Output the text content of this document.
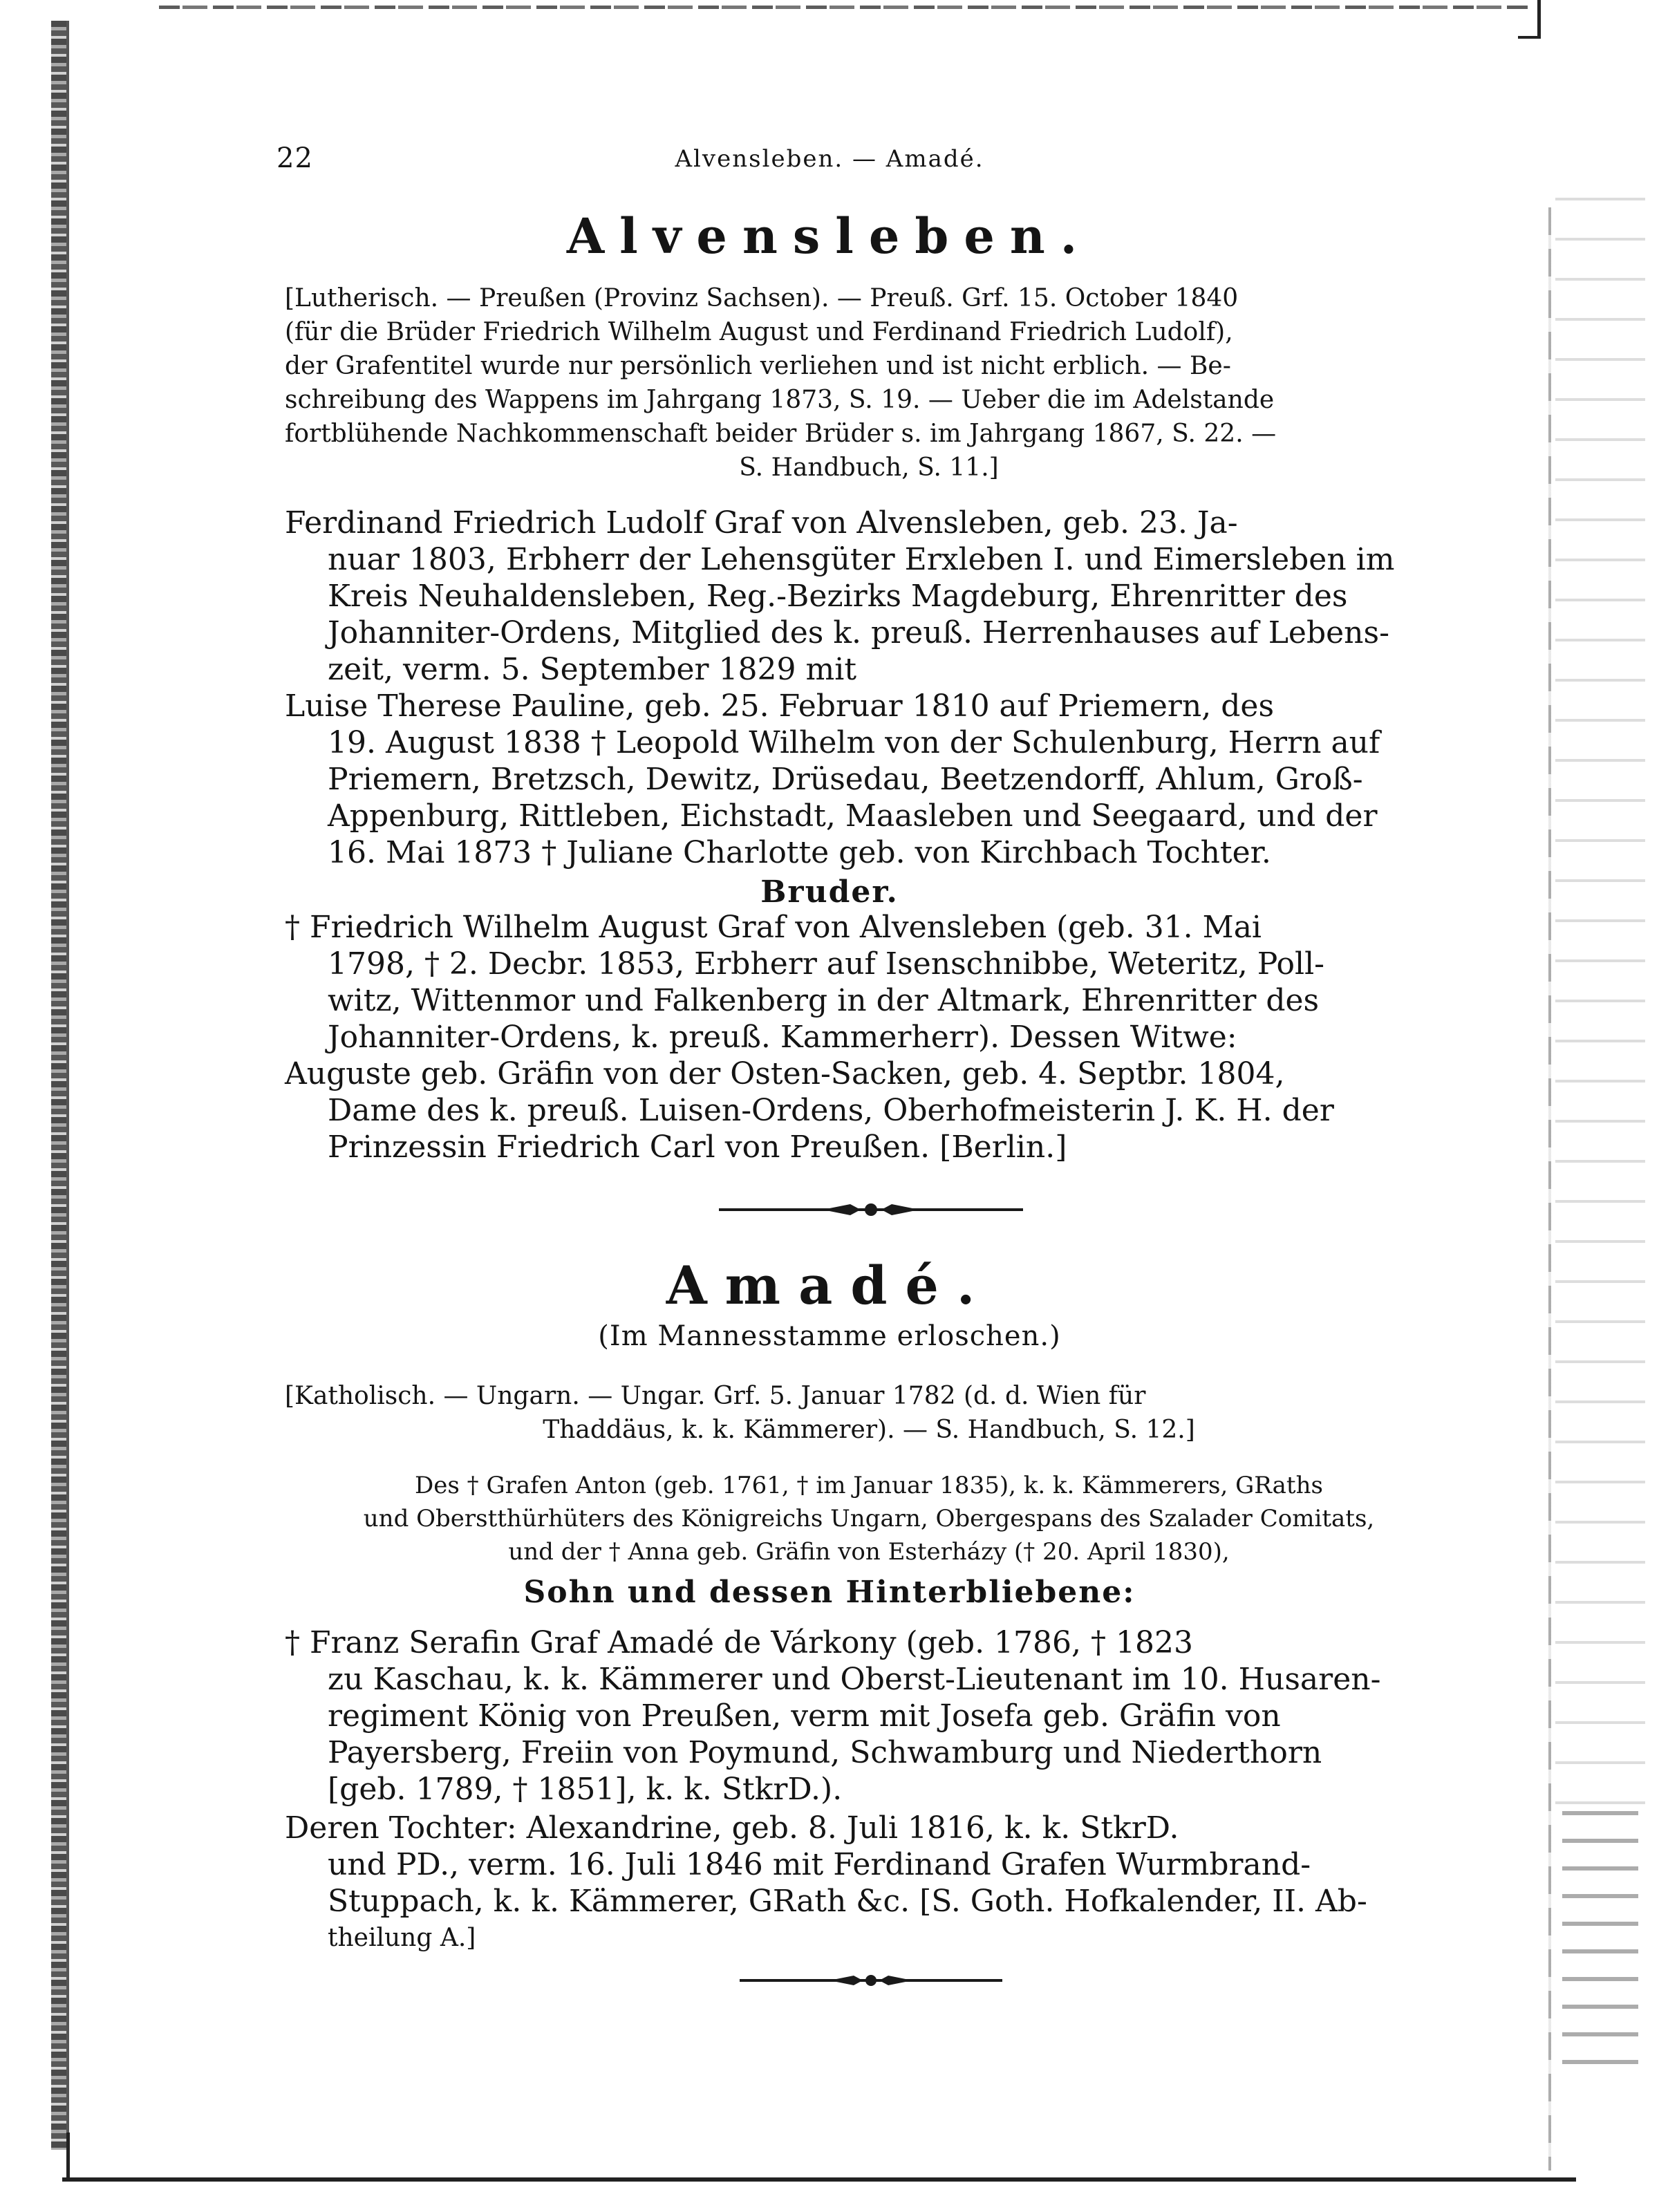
22	Alvensleben. — Amadé.
Alvensleben.
[Lutherisch. — Preußen (Provinz Sachsen). — Preuß. Grf. 15. October 1840
(für die Brüder Friedrich Wilhelm August und Ferdinand Friedrich Ludolf),
der Grafentitel wurde nur persönlich verliehen und ist nicht erblich. — Be-
schreibung des Wappens im Jahrgang 1873, S. 19. — Ueber die im Adelstande
fortblühende Nachkommenschaft beider Brüder s. im Jahrgang 1867, S. 22. —
S. Handbuch, S. 11.]
Ferdinand Friedrich Ludolf Graf von Alvensleben, geb. 23. Ja-
nuar 1803, Erbherr der Lehensgüter Erxleben I. und Eimersleben im
Kreis Neuhaldensleben, Reg.-Bezirks Magdeburg, Ehrenritter des
Johanniter-Ordens, Mitglied des k. preuß. Herrenhauses auf Lebens-
zeit, verm. 5. September 1829 mit
Luise Therese Pauline, geb. 25. Februar 1810 auf Priemern, des
19. August 1838 † Leopold Wilhelm von der Schulenburg, Herrn auf
Priemern, Bretzsch, Dewitz, Drüsedau, Beetzendorff, Ahlum, Groß-
Appenburg, Rittleben, Eichstadt, Maasleben und Seegaard, und der
16. Mai 1873 † Juliane Charlotte geb. von Kirchbach Tochter.
Bruder.
† Friedrich Wilhelm August Graf von Alvensleben (geb. 31. Mai
1798, † 2. Decbr. 1853, Erbherr auf Isenschnibbe, Weteritz, Poll-
witz, Wittenmor und Falkenberg in der Altmark, Ehrenritter des
Johanniter-Ordens, k. preuß. Kammerherr). Dessen Witwe:
Auguste geb. Gräfin von der Osten-Sacken, geb. 4. Septbr. 1804,
Dame des k. preuß. Luisen-Ordens, Oberhofmeisterin J. K. H. der
Prinzessin Friedrich Carl von Preußen. [Berlin.]
Amadé.
(Im Mannesstamme erloschen.)
[Katholisch. — Ungarn. — Ungar. Grf. 5. Januar 1782 (d. d. Wien für
Thaddäus, k. k. Kämmerer). — S. Handbuch, S. 12.]
Des † Grafen Anton (geb. 1761, † im Januar 1835), k. k. Kämmerers, GRaths
und Oberstthürhüters des Königreichs Ungarn, Obergespans des Szalader Comitats,
und der † Anna geb. Gräfin von Esterházy († 20. April 1830),
Sohn und dessen Hinterbliebene:
† Franz Serafin Graf Amadé de Várkony (geb. 1786, † 1823
zu Kaschau, k. k. Kämmerer und Oberst-Lieutenant im 10. Husaren-
regiment König von Preußen, verm mit Josefa geb. Gräfin von
Payersberg, Freiin von Poymund, Schwamburg und Niederthorn
[geb. 1789, † 1851], k. k. StkrD.).
Deren Tochter: Alexandrine, geb. 8. Juli 1816, k. k. StkrD.
und PD., verm. 16. Juli 1846 mit Ferdinand Grafen Wurmbrand-
Stuppach, k. k. Kämmerer, GRath &c. [S. Goth. Hofkalender, II. Ab-
theilung A.]
